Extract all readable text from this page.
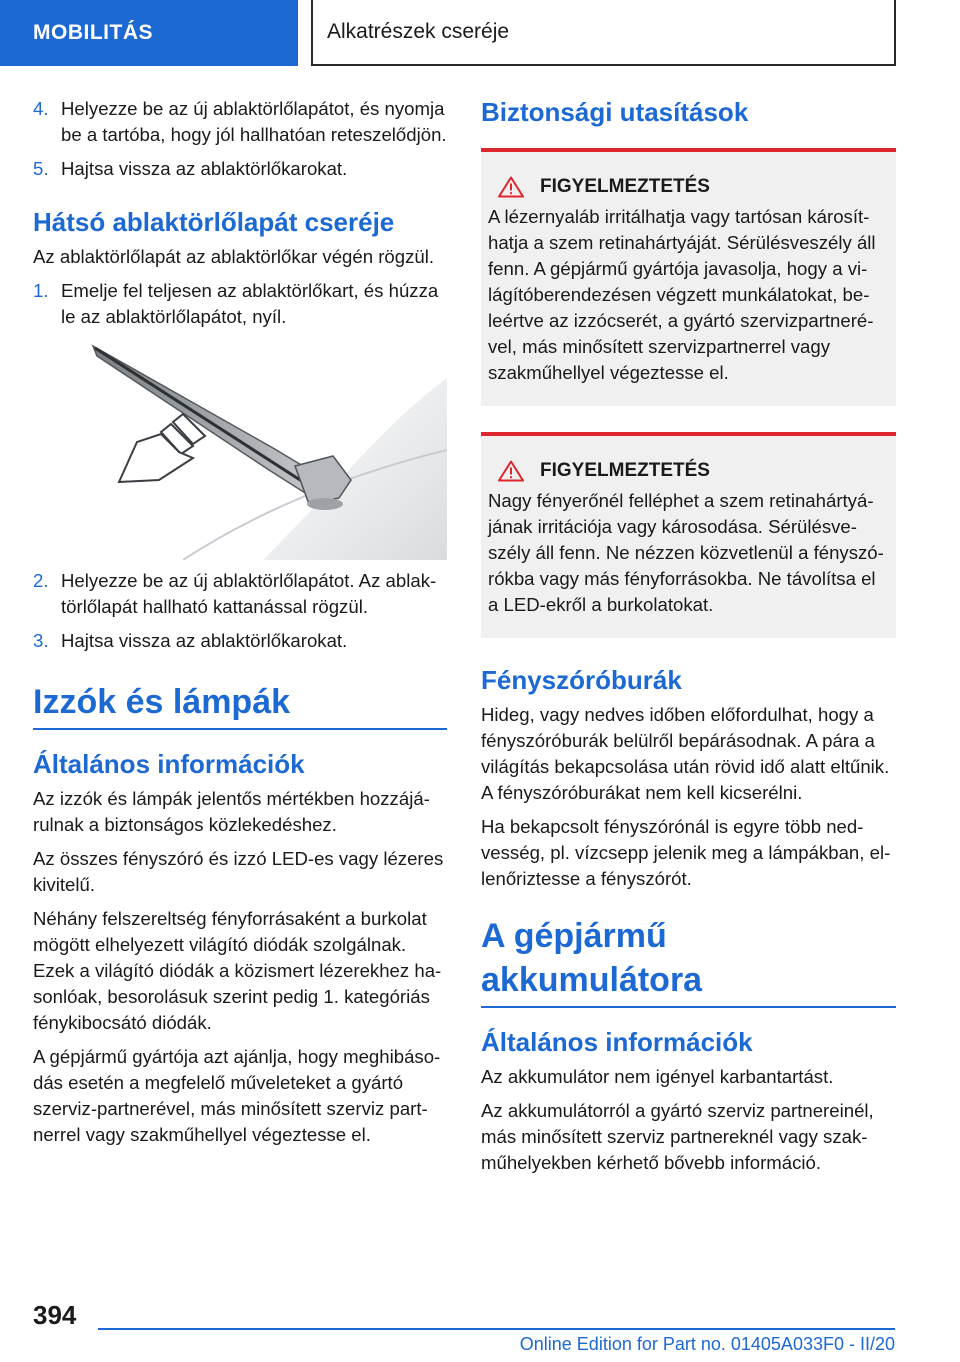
MOBILITÁS	Alkatrészek cseréje
4. Helyezze be az új ablaktörlőlapátot, és nyomja be a tartóba, hogy jól hallhatóan reteszelődjön.
5. Hajtsa vissza az ablaktörlőkarokat.
Hátsó ablaktörlőlapát cseréje
Az ablaktörlőlapát az ablaktörlőkar végén rögzül.
1. Emelje fel teljesen az ablaktörlőkart, és húzza le az ablaktörlőlapátot, nyíl.
2. Helyezze be az új ablaktörlőlapátot. Az ablaktörlőlapát hallható kattanással rögzül.
3. Hajtsa vissza az ablaktörlőkarokat.
Izzók és lámpák
Általános információk
Az izzók és lámpák jelentős mértékben hozzájárulnak a biztonságos közlekedéshez.
Az összes fényszóró és izzó LED-es vagy lézeres kivitelű.
Néhány felszereltség fényforrásaként a burkolat mögött elhelyezett világító diódák szolgálnak. Ezek a világító diódák a közismert lézerekhez hasonlóak, besorolásuk szerint pedig 1. kategóriás fénykibocsátó diódák.
A gépjármű gyártója azt ajánlja, hogy meghibásodás esetén a megfelelő műveleteket a gyártó szerviz-partnerével, más minősített szerviz partnerrel vagy szakműhellyel végeztesse el.
Biztonsági utasítások
FIGYELMEZTETÉS
A lézernyaláb irritálhatja vagy tartósan károsíthatja a szem retinahártyáját. Sérülésveszély áll fenn. A gépjármű gyártója javasolja, hogy a világítóberendezésen végzett munkálatokat, beleértve az izzócserét, a gyártó szervizpartnerével, más minősített szervizpartnerrel vagy szakműhellyel végeztesse el.
FIGYELMEZTETÉS
Nagy fényerőnél felléphet a szem retinahártyájának irritációja vagy károsodása. Sérülésveszély áll fenn. Ne nézzen közvetlenül a fényszórókba vagy más fényforrásokba. Ne távolítsa el a LED-ekről a burkolatokat.
Fényszóróburák
Hideg, vagy nedves időben előfordulhat, hogy a fényszóróburák belülről bepárásodnak. A pára a világítás bekapcsolása után rövid idő alatt eltűnik. A fényszóróburákat nem kell kicserélni.
Ha bekapcsolt fényszórónál is egyre több nedvesség, pl. vízcsepp jelenik meg a lámpákban, ellenőriztesse a fényszórót.
A gépjármű akkumulátora
Általános információk
Az akkumulátor nem igényel karbantartást.
Az akkumulátorról a gyártó szerviz partnereinél, más minősített szerviz partnereknél vagy szakműhelyekben kérhető bővebb információ.
394
Online Edition for Part no. 01405A033F0 - II/20
